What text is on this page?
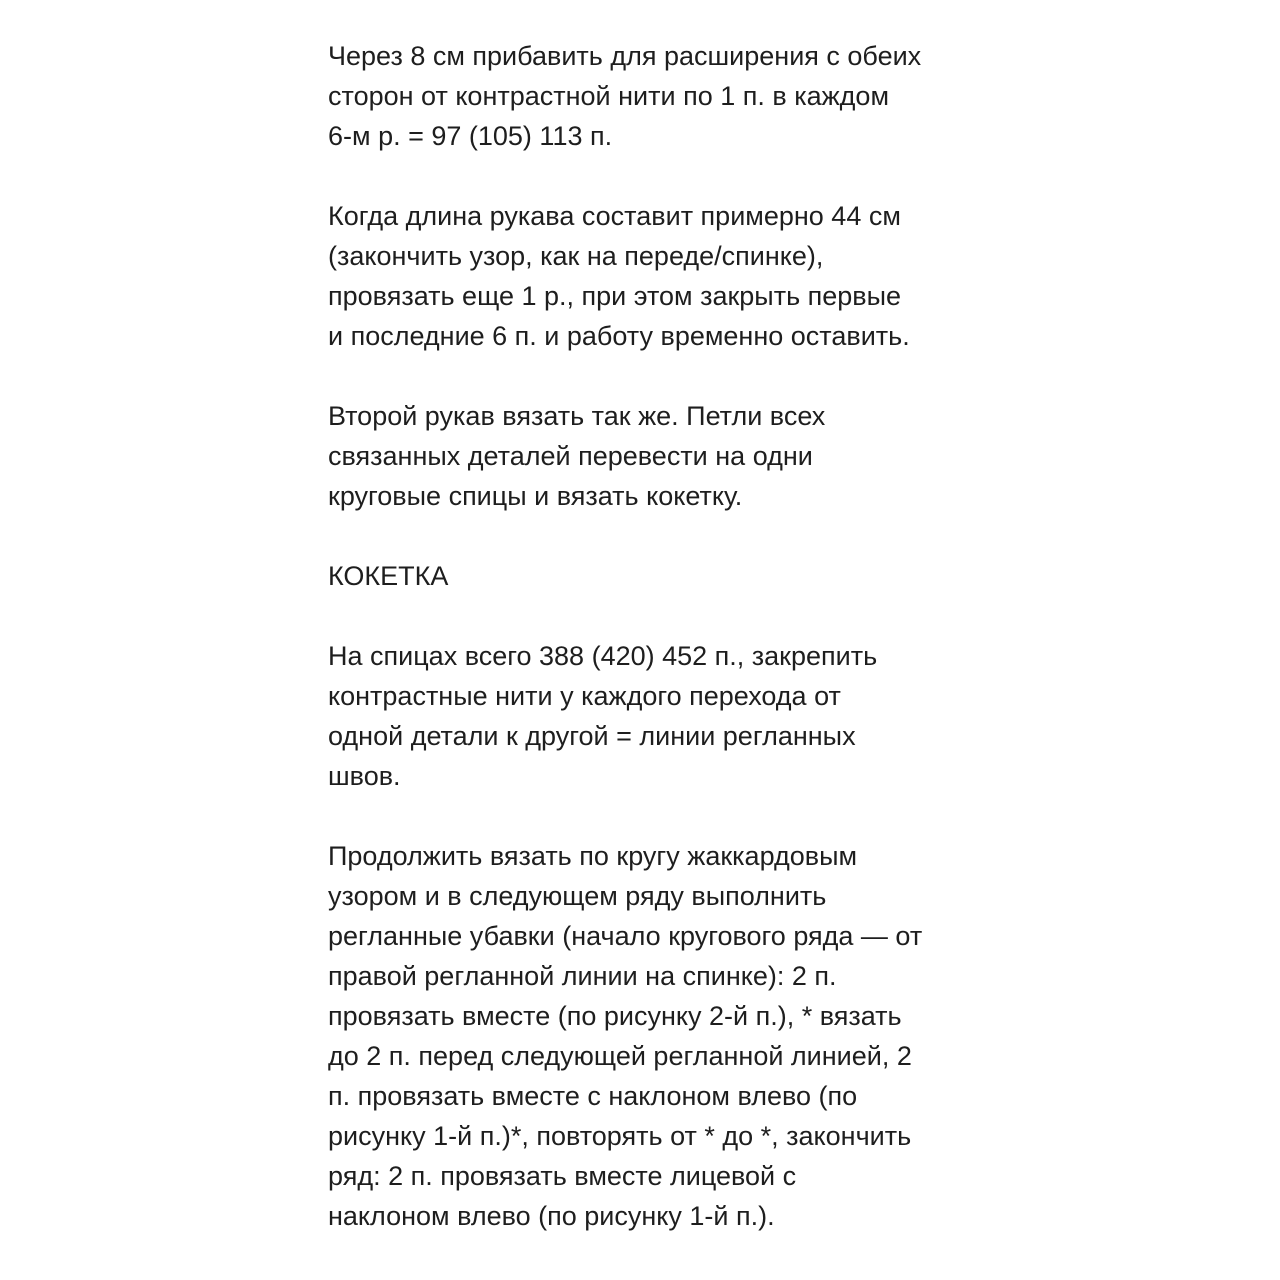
Через 8 см прибавить для расширения с обеих
сторон от контрастной нити по 1 п. в каждом
6-м р. = 97 (105) 113 п.

Когда длина рукава составит примерно 44 см
(закончить узор, как на переде/спинке),
провязать еще 1 р., при этом закрыть первые
и последние 6 п. и работу временно оставить.

Второй рукав вязать так же. Петли всех
связанных деталей перевести на одни
круговые спицы и вязать кокетку.

КОКЕТКА

На спицах всего 388 (420) 452 п., закрепить
контрастные нити у каждого перехода от
одной детали к другой = линии регланных
швов.

Продолжить вязать по кругу жаккардовым
узором и в следующем ряду выполнить
регланные убавки (начало кругового ряда — от
правой регланной линии на спинке): 2 п.
провязать вместе (по рисунку 2-й п.), * вязать
до 2 п. перед следующей регланной линией, 2
п. провязать вместе с наклоном влево (по
рисунку 1-й п.)*, повторять от * до *, закончить
ряд: 2 п. провязать вместе лицевой с
наклоном влево (по рисунку 1-й п.).
